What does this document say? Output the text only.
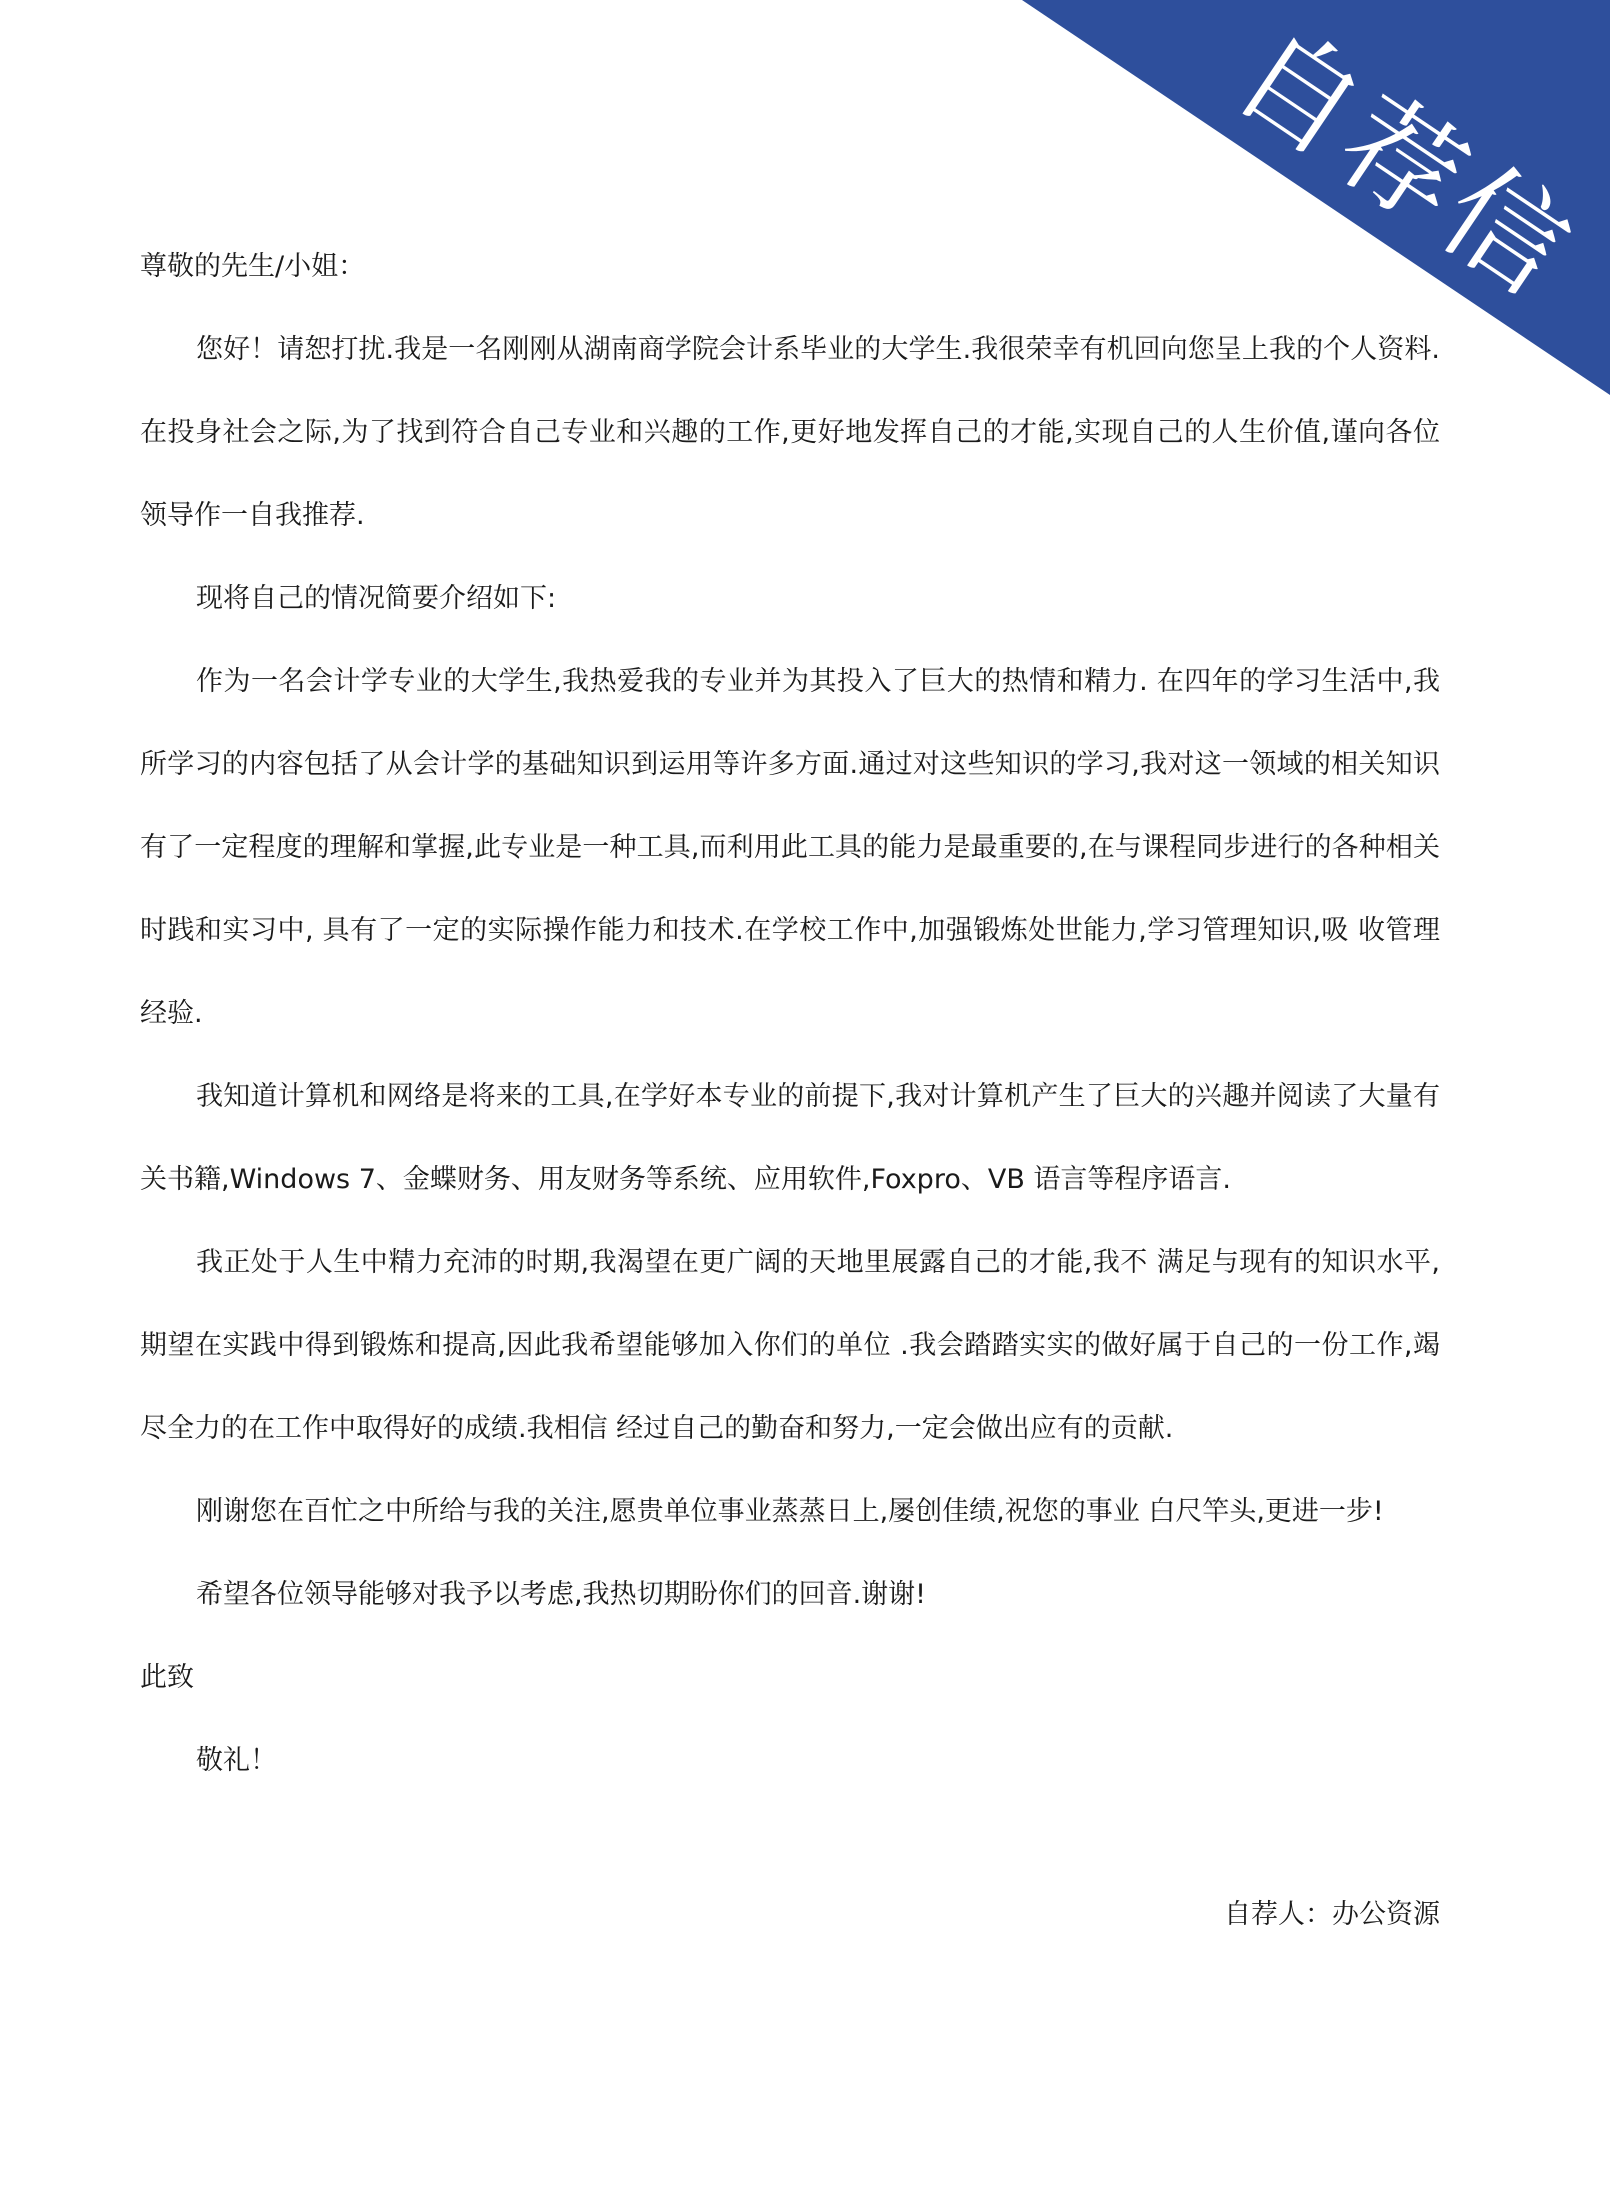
自荐信

尊敬的先生/小姐：

您好！请恕打扰.我是一名刚刚从湖南商学院会计系毕业的大学生.我很荣幸有机回向您呈上我的个人资料.在投身社会之际,为了找到符合自己专业和兴趣的工作,更好地发挥自己的才能,实现自己的人生价值,谨向各位领导作一自我推荐.

现将自己的情况简要介绍如下:

作为一名会计学专业的大学生,我热爱我的专业并为其投入了巨大的热情和精力. 在四年的学习生活中,我所学习的内容包括了从会计学的基础知识到运用等许多方面.通过对这些知识的学习,我对这一领域的相关知识有了一定程度的理解和掌握,此专业是一种工具,而利用此工具的能力是最重要的,在与课程同步进行的各种相关时践和实习中, 具有了一定的实际操作能力和技术.在学校工作中,加强锻炼处世能力,学习管理知识,吸 收管理经验.

我知道计算机和网络是将来的工具,在学好本专业的前提下,我对计算机产生了巨大的兴趣并阅读了大量有关书籍,Windows 7、金蝶财务、用友财务等系统、应用软件,Foxpro、VB 语言等程序语言.

我正处于人生中精力充沛的时期,我渴望在更广阔的天地里展露自己的才能,我不 满足与现有的知识水平,期望在实践中得到锻炼和提高,因此我希望能够加入你们的单位 .我会踏踏实实的做好属于自己的一份工作,竭尽全力的在工作中取得好的成绩.我相信 经过自己的勤奋和努力,一定会做出应有的贡献.

刚谢您在百忙之中所给与我的关注,愿贵单位事业蒸蒸日上,屡创佳绩,祝您的事业 白尺竿头,更进一步!

希望各位领导能够对我予以考虑,我热切期盼你们的回音.谢谢!

此致

敬礼！

自荐人：办公资源
